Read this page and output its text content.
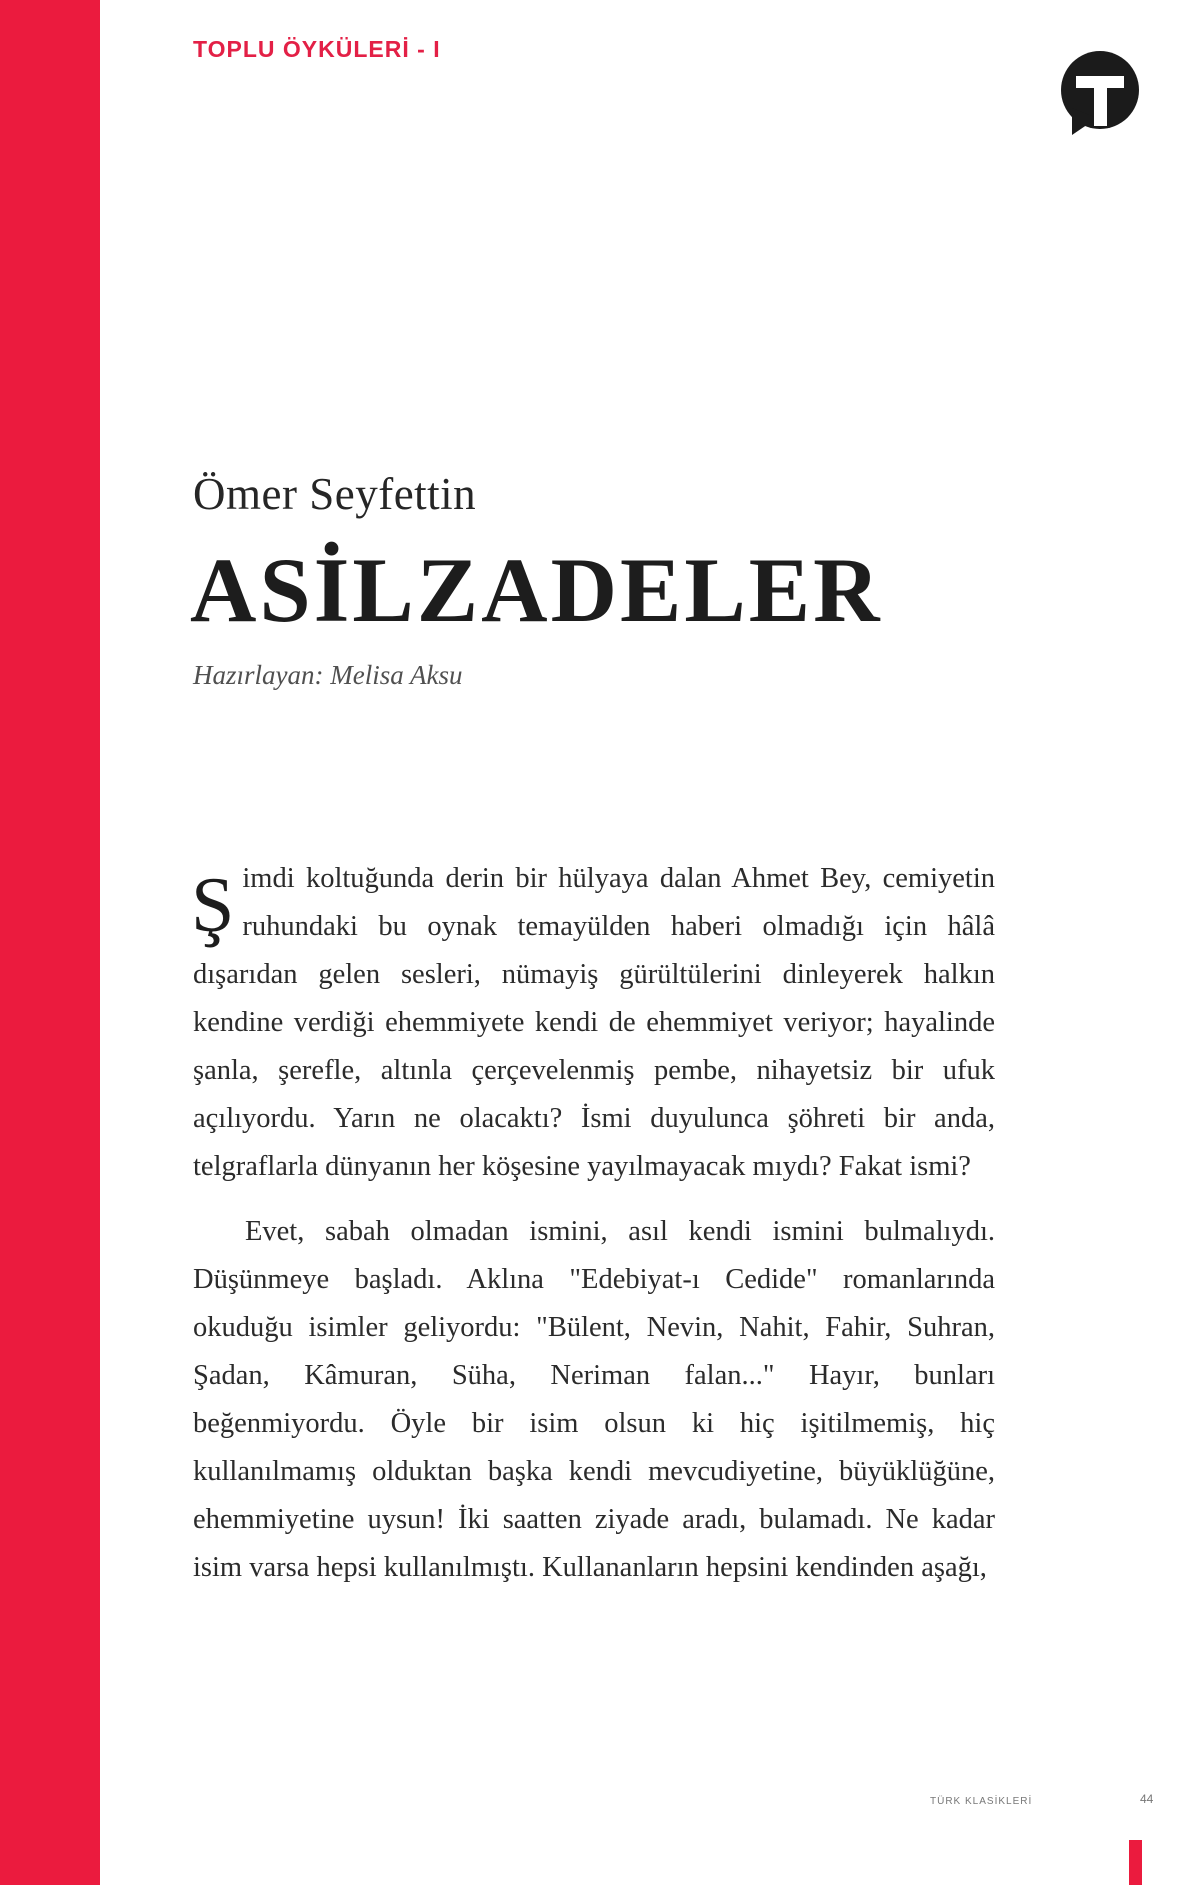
TOPLU ÖYKÜLERİ - I
Ömer Seyfettin
ASİLZADELER
Hazırlayan: Melisa Aksu

Şimdi koltuğunda derin bir hülyaya dalan Ahmet Bey, cemiyetin ruhundaki bu oynak temayülden haberi olmadığı için hâlâ dışarıdan gelen sesleri, nümayiş gürültülerini dinleyerek halkın kendine verdiği ehemmiyete kendi de ehemmiyet veriyor; hayalinde şanla, şerefle, altınla çerçevelenmiş pembe, nihayetsiz bir ufuk açılıyordu. Yarın ne olacaktı? İsmi duyulunca şöhreti bir anda, telgraflarla dünyanın her köşesine yayılmayacak mıydı? Fakat ismi?

Evet, sabah olmadan ismini, asıl kendi ismini bulmalıydı. Düşünmeye başladı. Aklına "Edebiyat-ı Cedide" romanlarında okuduğu isimler geliyordu: "Bülent, Nevin, Nahit, Fahir, Suhran, Şadan, Kâmuran, Süha, Neriman falan..." Hayır, bunları beğenmiyordu. Öyle bir isim olsun ki hiç işitilmemiş, hiç kullanılmamış olduktan başka kendi mevcudiyetine, büyüklüğüne, ehemmiyetine uysun! İki saatten ziyade aradı, bulamadı. Ne kadar isim varsa hepsi kullanılmıştı. Kullananların hepsini kendinden aşağı,

TÜRK KLASİKLERİ	44
